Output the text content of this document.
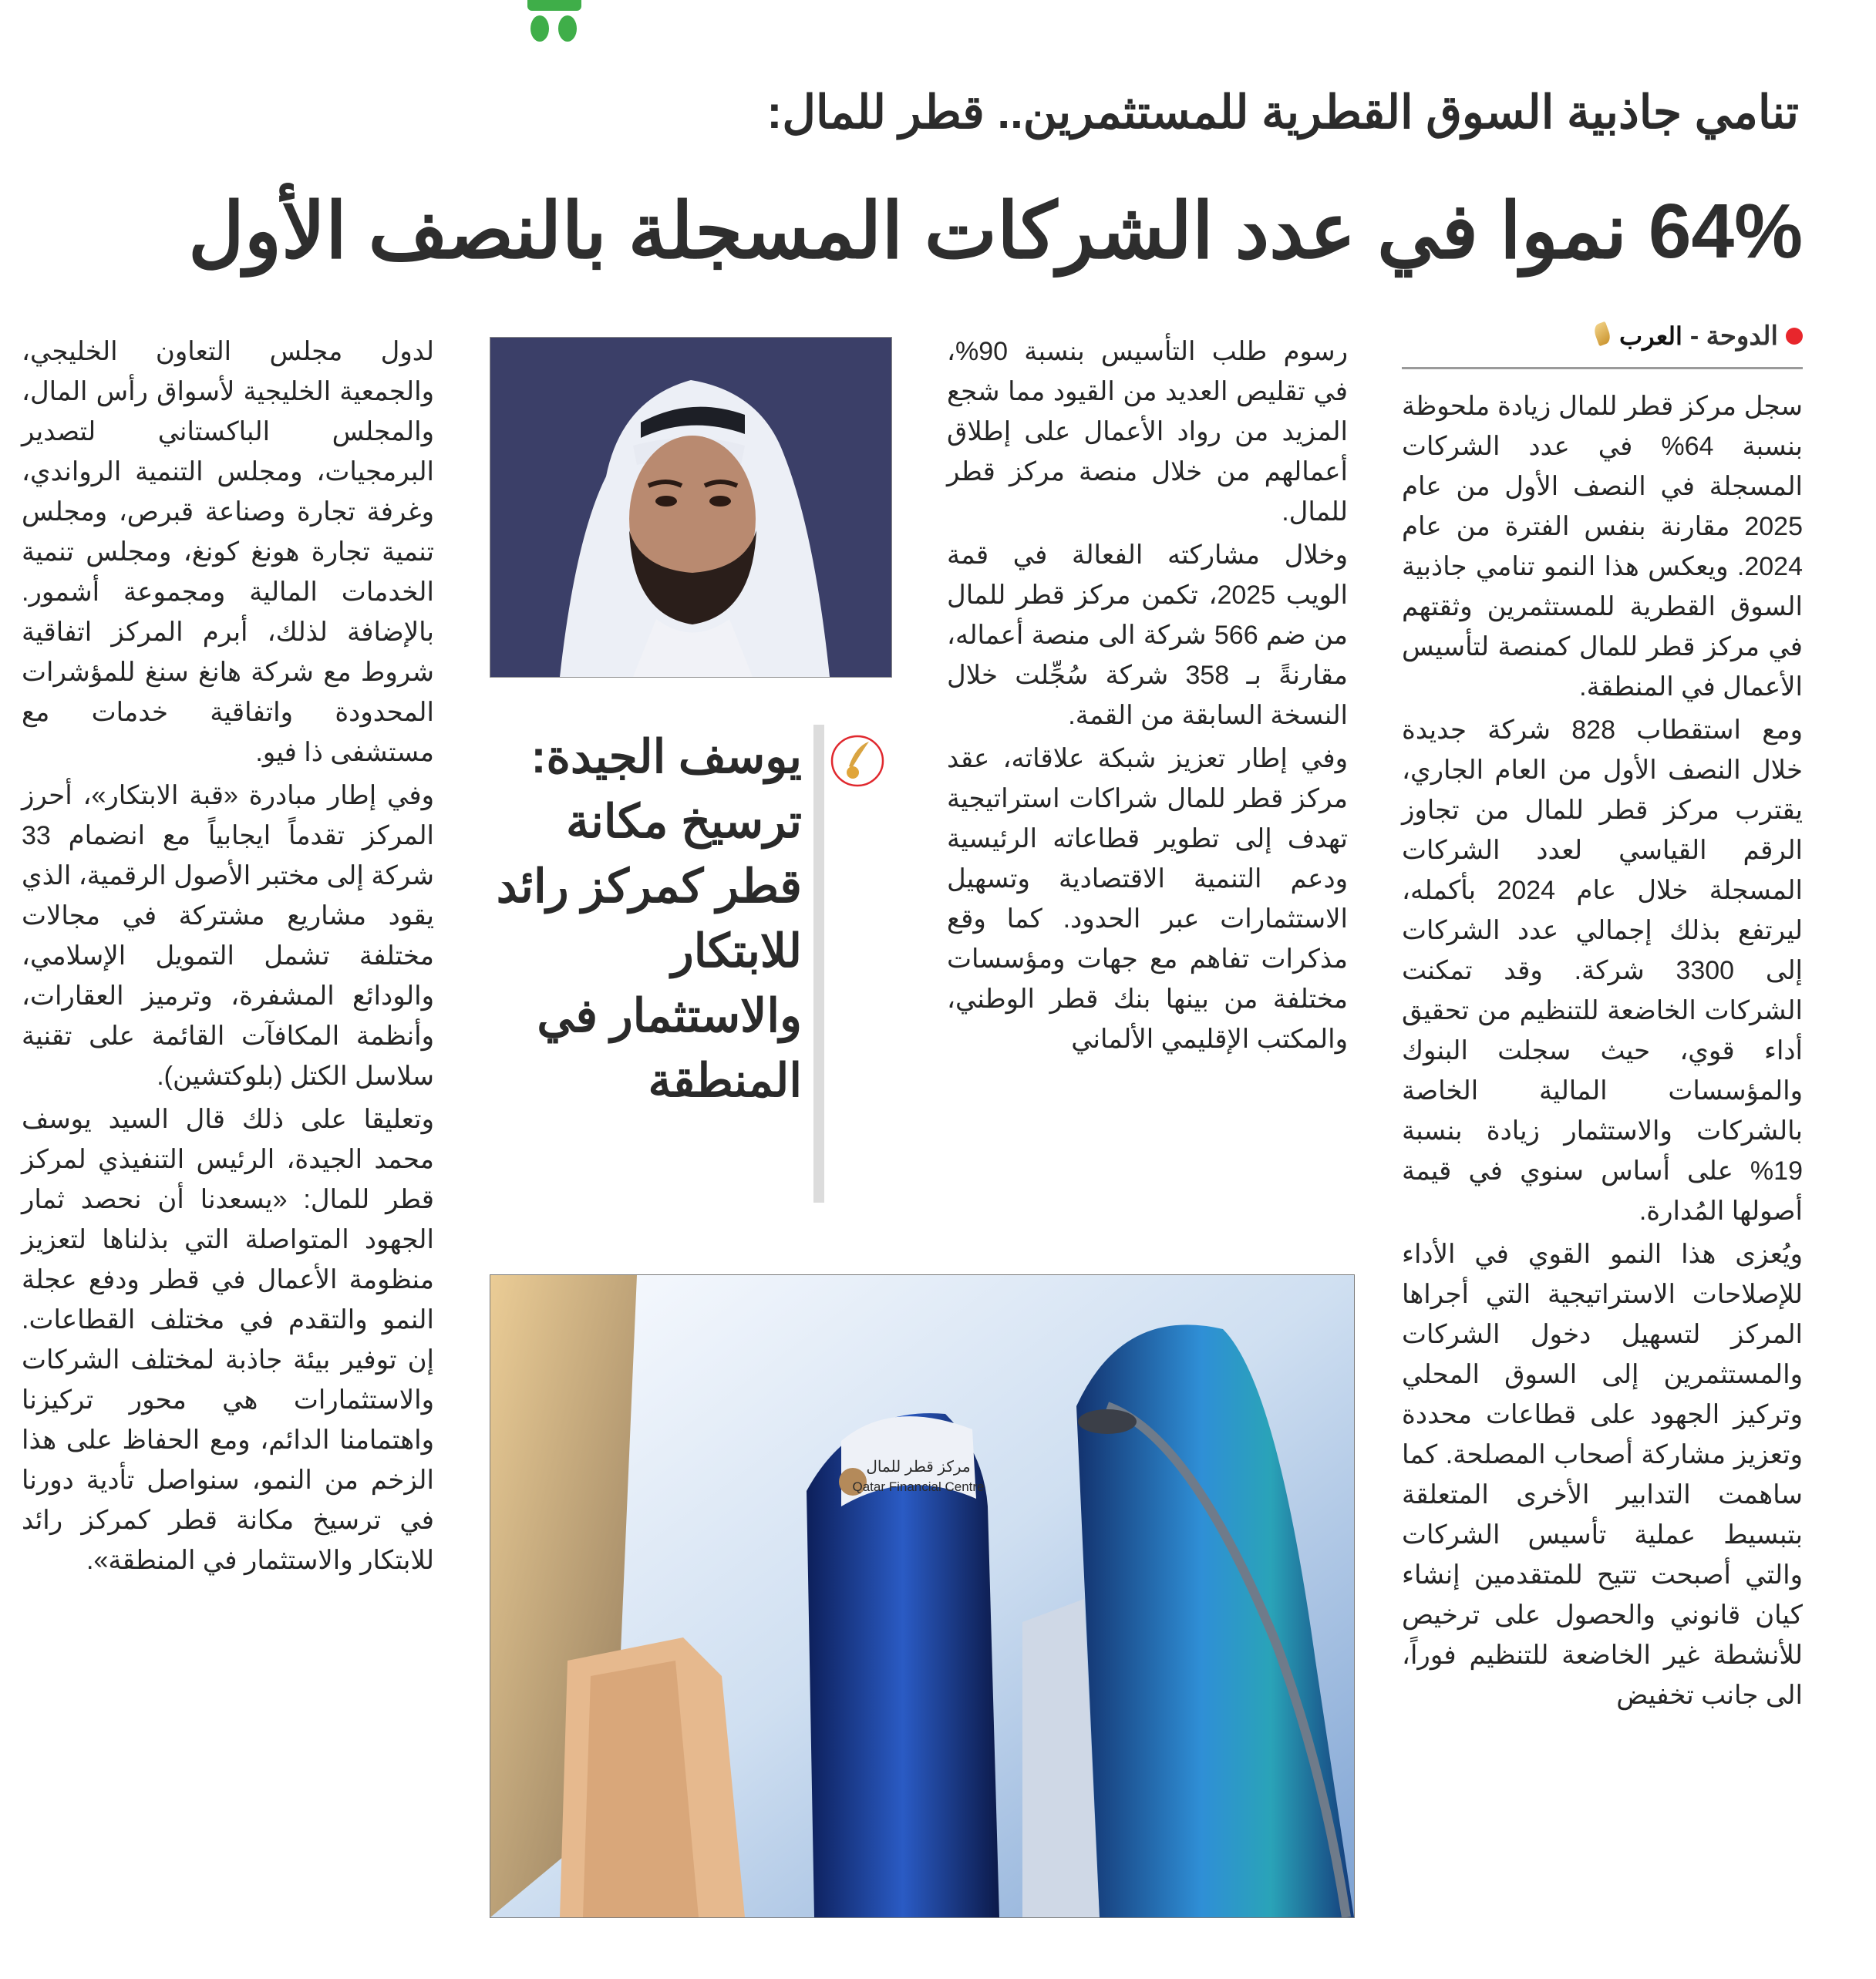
تنامي جاذبية السوق القطرية للمستثمرين.. قطر للمال:
64% نموا في عدد الشركات المسجلة بالنصف الأول
الدوحة -
العرب

سجل مركز قطر للمال زيادة ملحوظة بنسبة 64% في عدد الشركات المسجلة في النصف الأول من عام 2025 مقارنة بنفس الفترة من عام 2024. ويعكس هذا النمو تنامي جاذبية السوق القطرية للمستثمرين وثقتهم في مركز قطر للمال كمنصة لتأسيس الأعمال في المنطقة.

ومع استقطاب 828 شركة جديدة خلال النصف الأول من العام الجاري، يقترب مركز قطر للمال من تجاوز الرقم القياسي لعدد الشركات المسجلة خلال عام 2024 بأكمله، ليرتفع بذلك إجمالي عدد الشركات إلى 3300 شركة. وقد تمكنت الشركات الخاضعة للتنظيم من تحقيق أداء قوي، حيث سجلت البنوك والمؤسسات المالية الخاصة بالشركات والاستثمار زيادة بنسبة 19% على أساس سنوي في قيمة أصولها المُدارة.

ويُعزى هذا النمو القوي في الأداء للإصلاحات الاستراتيجية التي أجراها المركز لتسهيل دخول الشركات والمستثمرين إلى السوق المحلي وتركيز الجهود على قطاعات محددة وتعزيز مشاركة أصحاب المصلحة. كما ساهمت التدابير الأخرى المتعلقة بتبسيط عملية تأسيس الشركات والتي أصبحت تتيح للمتقدمين إنشاء كيان قانوني والحصول على ترخيص للأنشطة غير الخاضعة للتنظيم فوراً، الى جانب تخفيض

رسوم طلب التأسيس بنسبة 90%، في تقليص العديد من القيود مما شجع المزيد من رواد الأعمال على إطلاق أعمالهم من خلال منصة مركز قطر للمال.

وخلال مشاركته الفعالة في قمة الويب 2025، تكمن مركز قطر للمال من ضم 566 شركة الى منصة أعماله، مقارنةً بـ 358 شركة سُجِّلت خلال النسخة السابقة من القمة.

وفي إطار تعزيز شبكة علاقاته، عقد مركز قطر للمال شراكات استراتيجية تهدف إلى تطوير قطاعاته الرئيسية ودعم التنمية الاقتصادية وتسهيل الاستثمارات عبر الحدود. كما وقع مذكرات تفاهم مع جهات ومؤسسات مختلفة من بينها بنك قطر الوطني، والمكتب الإقليمي الألماني

يوسف الجيدة:
ترسيخ مكانة قطر كمركز رائد للابتكار والاستثمار في المنطقة

لدول مجلس التعاون الخليجي، والجمعية الخليجية لأسواق رأس المال، والمجلس الباكستاني لتصدير البرمجيات، ومجلس التنمية الرواندي، وغرفة تجارة وصناعة قبرص، ومجلس تنمية تجارة هونغ كونغ، ومجلس تنمية الخدمات المالية ومجموعة أشمور. بالإضافة لذلك، أبرم المركز اتفاقية شروط مع شركة هانغ سنغ للمؤشرات المحدودة واتفاقية خدمات مع مستشفى ذا فيو.

وفي إطار مبادرة «قبة الابتكار»، أحرز المركز تقدماً ايجابياً مع انضمام 33 شركة إلى مختبر الأصول الرقمية، الذي يقود مشاريع مشتركة في مجالات مختلفة تشمل التمويل الإسلامي، والودائع المشفرة، وترميز العقارات، وأنظمة المكافآت القائمة على تقنية سلاسل الكتل (بلوكتشين).

وتعليقا على ذلك قال السيد يوسف محمد الجيدة، الرئيس التنفيذي لمركز قطر للمال: «يسعدنا أن نحصد ثمار الجهود المتواصلة التي بذلناها لتعزيز منظومة الأعمال في قطر ودفع عجلة النمو والتقدم في مختلف القطاعات. إن توفير بيئة جاذبة لمختلف الشركات والاستثمارات هي محور تركيزنا واهتمامنا الدائم، ومع الحفاظ على هذا الزخم من النمو، سنواصل تأدية دورنا في ترسيخ مكانة قطر كمركز رائد للابتكار والاستثمار في المنطقة».

مركز قطر للمال
Qatar Financial Centre
